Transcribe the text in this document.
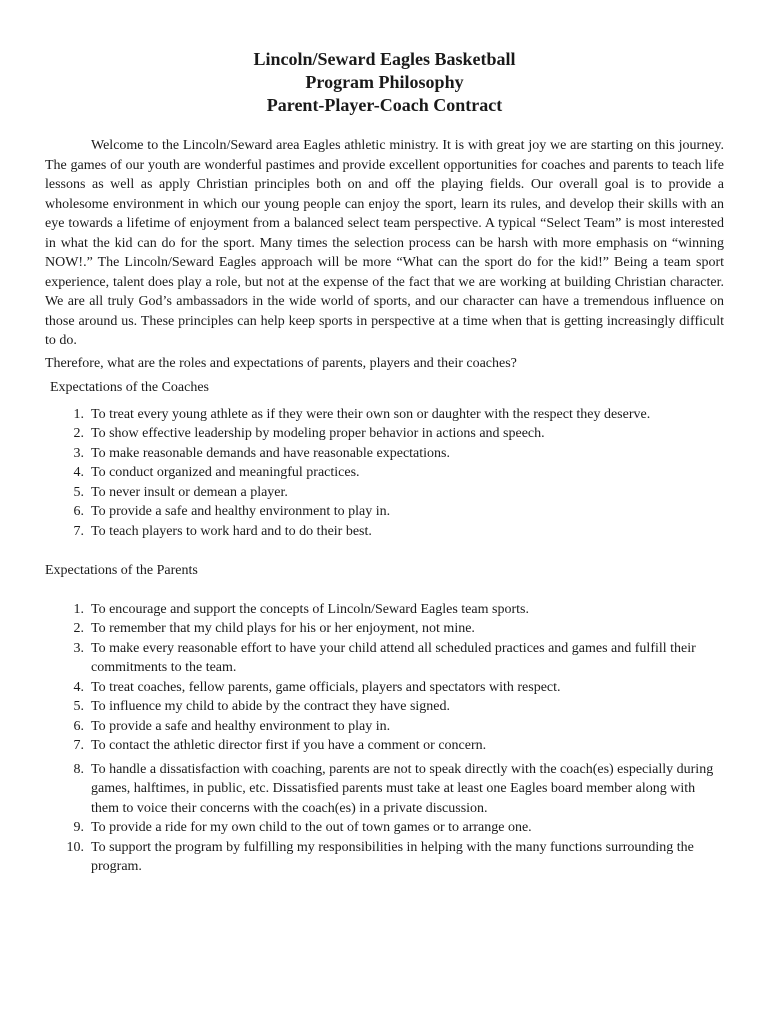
Lincoln/Seward Eagles Basketball
Program Philosophy
Parent-Player-Coach Contract

Welcome to the Lincoln/Seward area Eagles athletic ministry. It is with great joy we are starting on this journey. The games of our youth are wonderful pastimes and provide excellent opportunities for coaches and parents to teach life lessons as well as apply Christian principles both on and off the playing fields. Our overall goal is to provide a wholesome environment in which our young people can enjoy the sport, learn its rules, and develop their skills with an eye towards a lifetime of enjoyment from a balanced select team perspective. A typical “Select Team” is most interested in what the kid can do for the sport. Many times the selection process can be harsh with more emphasis on “winning NOW!.” The Lincoln/Seward Eagles approach will be more “What can the sport do for the kid!” Being a team sport experience, talent does play a role, but not at the expense of the fact that we are working at building Christian character. We are all truly God’s ambassadors in the wide world of sports, and our character can have a tremendous influence on those around us. These principles can help keep sports in perspective at a time when that is getting increasingly difficult to do.

Therefore, what are the roles and expectations of parents, players and their coaches?

Expectations of the Coaches

1. To treat every young athlete as if they were their own son or daughter with the respect they deserve.
2. To show effective leadership by modeling proper behavior in actions and speech.
3. To make reasonable demands and have reasonable expectations.
4. To conduct organized and meaningful practices.
5. To never insult or demean a player.
6. To provide a safe and healthy environment to play in.
7. To teach players to work hard and to do their best.

Expectations of the Parents

1. To encourage and support the concepts of Lincoln/Seward Eagles team sports.
2. To remember that my child plays for his or her enjoyment, not mine.
3. To make every reasonable effort to have your child attend all scheduled practices and games and fulfill their commitments to the team.
4. To treat coaches, fellow parents, game officials, players and spectators with respect.
5. To influence my child to abide by the contract they have signed.
6. To provide a safe and healthy environment to play in.
7. To contact the athletic director first if you have a comment or concern.
8. To handle a dissatisfaction with coaching, parents are not to speak directly with the coach(es) especially during games, halftimes, in public, etc. Dissatisfied parents must take at least one Eagles board member along with them to voice their concerns with the coach(es) in a private discussion.
9. To provide a ride for my own child to the out of town games or to arrange one.
10. To support the program by fulfilling my responsibilities in helping with the many functions surrounding the program.
